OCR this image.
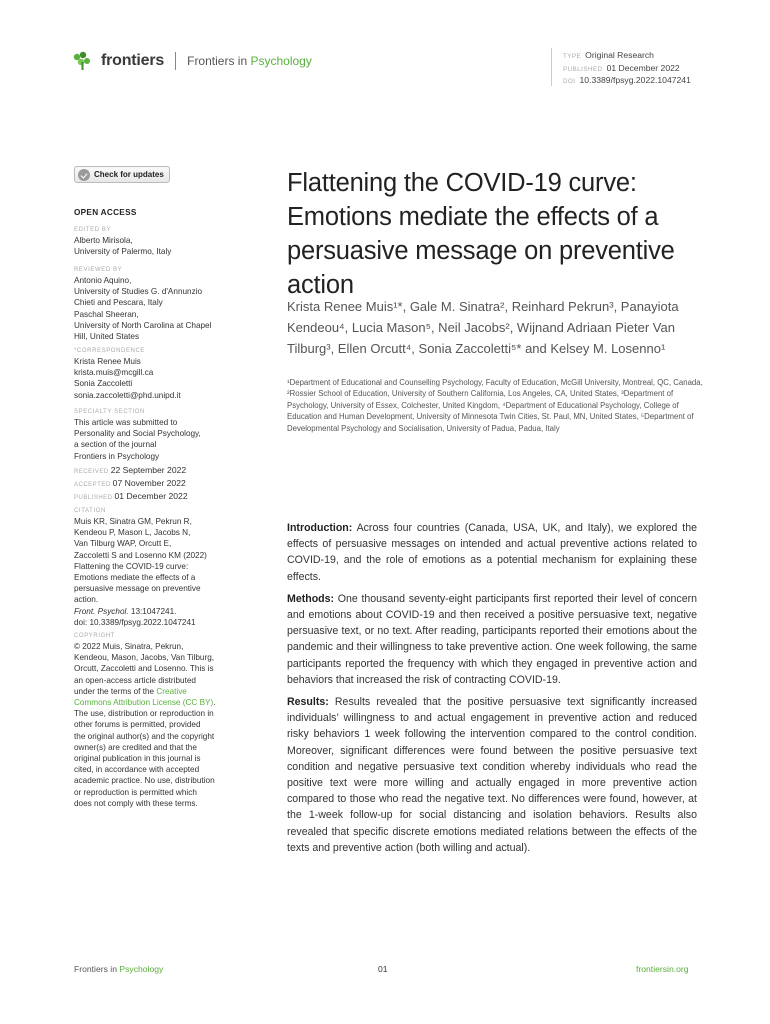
frontiers Frontiers in Psychology	TYPE Original Research
PUBLISHED 01 December 2022
DOI 10.3389/fpsyg.2022.1047241
Check for updates
OPEN ACCESS
EDITED BY
Alberto Mirisola,
University of Palermo, Italy
REVIEWED BY
Antonio Aquino,
University of Studies G. d'Annunzio
Chieti and Pescara, Italy
Paschal Sheeran,
University of North Carolina at Chapel
Hill, United States
*CORRESPONDENCE
Krista Renee Muis
krista.muis@mcgill.ca
Sonia Zaccoletti
sonia.zaccoletti@phd.unipd.it
SPECIALTY SECTION
This article was submitted to
Personality and Social Psychology,
a section of the journal
Frontiers in Psychology
RECEIVED 22 September 2022
ACCEPTED 07 November 2022
PUBLISHED 01 December 2022
CITATION
Muis KR, Sinatra GM, Pekrun R,
Kendeou P, Mason L, Jacobs N,
Van Tilburg WAP, Orcutt E,
Zaccoletti S and Losenno KM (2022)
Flattening the COVID-19 curve:
Emotions mediate the effects of a
persuasive message on preventive
action.
Front. Psychol. 13:1047241.
doi: 10.3389/fpsyg.2022.1047241
COPYRIGHT
© 2022 Muis, Sinatra, Pekrun,
Kendeou, Mason, Jacobs, Van Tilburg,
Orcutt, Zaccoletti and Losenno. This is
an open-access article distributed
under the terms of the Creative
Commons Attribution License (CC BY).
The use, distribution or reproduction in
other forums is permitted, provided
the original author(s) and the copyright
owner(s) are credited and that the
original publication in this journal is
cited, in accordance with accepted
academic practice. No use, distribution
or reproduction is permitted which
does not comply with these terms.
Flattening the COVID-19 curve: Emotions mediate the effects of a persuasive message on preventive action
Krista Renee Muis¹*, Gale M. Sinatra², Reinhard Pekrun³, Panayiota Kendeou⁴, Lucia Mason⁵, Neil Jacobs², Wijnand Adriaan Pieter Van Tilburg³, Ellen Orcutt⁴, Sonia Zaccoletti⁵* and Kelsey M. Losenno¹
¹Department of Educational and Counselling Psychology, Faculty of Education, McGill University, Montreal, QC, Canada, ²Rossier School of Education, University of Southern California, Los Angeles, CA, United States, ³Department of Psychology, University of Essex, Colchester, United Kingdom, ⁴Department of Educational Psychology, College of Education and Human Development, University of Minnesota Twin Cities, St. Paul, MN, United States, ⁵Department of Developmental Psychology and Socialisation, University of Padua, Padua, Italy

Introduction: Across four countries (Canada, USA, UK, and Italy), we explored the effects of persuasive messages on intended and actual preventive actions related to COVID-19, and the role of emotions as a potential mechanism for explaining these effects.

Methods: One thousand seventy-eight participants first reported their level of concern and emotions about COVID-19 and then received a positive persuasive text, negative persuasive text, or no text. After reading, participants reported their emotions about the pandemic and their willingness to take preventive action. One week following, the same participants reported the frequency with which they engaged in preventive action and behaviors that increased the risk of contracting COVID-19.

Results: Results revealed that the positive persuasive text significantly increased individuals’ willingness to and actual engagement in preventive action and reduced risky behaviors 1 week following the intervention compared to the control condition. Moreover, significant differences were found between the positive persuasive text condition and negative persuasive text condition whereby individuals who read the positive text were more willing and actually engaged in more preventive action compared to those who read the negative text. No differences were found, however, at the 1-week follow-up for social distancing and isolation behaviors. Results also revealed that specific discrete emotions mediated relations between the effects of the texts and preventive action (both willing and actual).

Frontiers in Psychology	01	frontiersin.org
